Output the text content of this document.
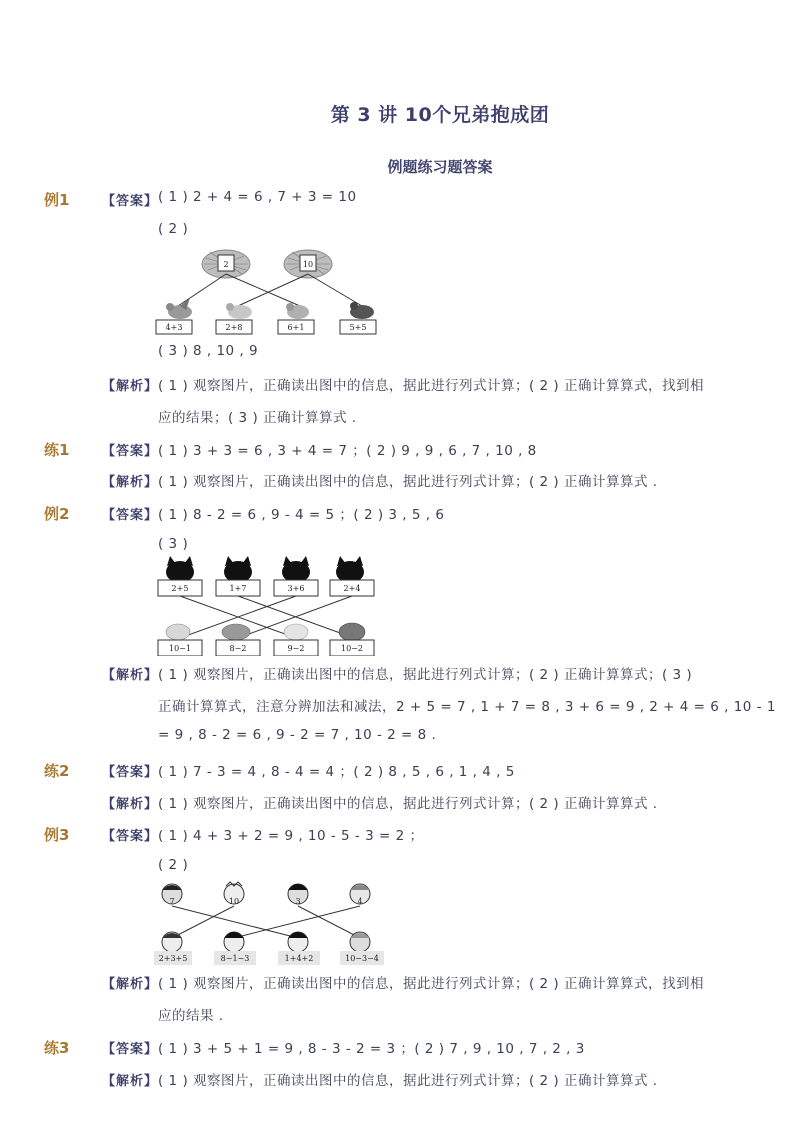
第 3 讲 10个兄弟抱成团
例题练习题答案
例1	【答案】 ( 1 ) 2 + 4 = 6 , 7 + 3 = 10
( 2 )
2	10
4+3	2+8	6+1	5+5
( 3 ) 8 , 10 , 9
【解析】 ( 1 ) 观察图片，正确读出图中的信息，据此进行列式计算；( 2 ) 正确计算算式，找到相
应的结果；( 3 ) 正确计算算式 .
练1	【答案】 ( 1 ) 3 + 3 = 6 , 3 + 4 = 7 ；( 2 ) 9 , 9 , 6 , 7 , 10 , 8
【解析】 ( 1 ) 观察图片，正确读出图中的信息，据此进行列式计算；( 2 ) 正确计算算式 .
例2	【答案】 ( 1 ) 8 - 2 = 6 , 9 - 4 = 5 ；( 2 ) 3 , 5 , 6
( 3 )
2+5	1+7	3+6	2+4
10−1	8−2	9−2	10−2
【解析】 ( 1 ) 观察图片，正确读出图中的信息，据此进行列式计算；( 2 ) 正确计算算式；( 3 )
正确计算算式，注意分辨加法和减法，2 + 5 = 7 , 1 + 7 = 8 , 3 + 6 = 9 , 2 + 4 = 6 , 10 - 1
= 9 , 8 - 2 = 6 , 9 - 2 = 7 , 10 - 2 = 8 .
练2	【答案】 ( 1 ) 7 - 3 = 4 , 8 - 4 = 4 ；( 2 ) 8 , 5 , 6 , 1 , 4 , 5
【解析】 ( 1 ) 观察图片，正确读出图中的信息，据此进行列式计算；( 2 ) 正确计算算式 .
例3	【答案】 ( 1 ) 4 + 3 + 2 = 9 , 10 - 5 - 3 = 2 ；
( 2 )
7	10	3	4
2+3+5	8−1−3	1+4+2	10−3−4
【解析】 ( 1 ) 观察图片，正确读出图中的信息，据此进行列式计算；( 2 ) 正确计算算式，找到相
应的结果 .
练3	【答案】 ( 1 ) 3 + 5 + 1 = 9 , 8 - 3 - 2 = 3 ；( 2 ) 7 , 9 , 10 , 7 , 2 , 3
【解析】 ( 1 ) 观察图片，正确读出图中的信息，据此进行列式计算；( 2 ) 正确计算算式 .
